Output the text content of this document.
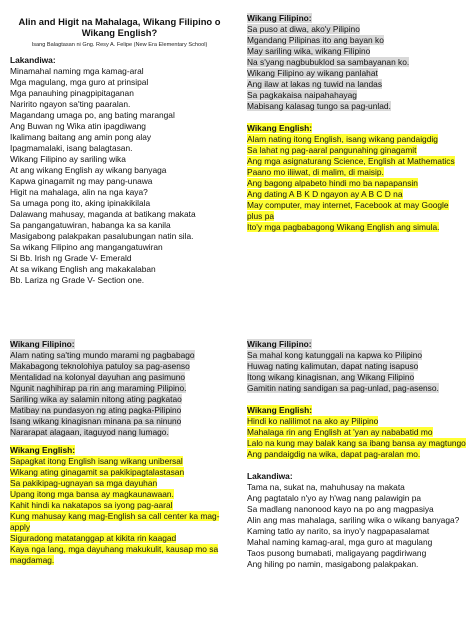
Alin and Higit na Mahalaga, Wikang Filipino o Wikang English?
Isang Balagtasan ni Gng. Resy A. Felipe (New Era Elementary School)
Lakandiwa:
Minamahal naming mga kamag-aral
Mga magulang, mga guro at prinsipal
Mga panauhing pinagpipitaganan
Naririto ngayon sa'ting paaralan.
Magandang umaga po, ang bating marangal
Ang Buwan ng Wika atin ipagdiwang
Ikalimang baitang ang amin pong alay
Ipagmamalaki, isang balagtasan.
Wikang Filipino ay sariling wika
At ang wikang English ay wikang banyaga
Kapwa ginagamit ng may pang-unawa
Higit na mahalaga, alin na nga kaya?
Sa umaga pong ito, aking ipinakikilala
Dalawang mahusay, maganda at batikang makata
Sa pangangatuwiran, habanga ka sa kanila
Masigabong palakpakan pasalubungan natin sila.
Sa wikang Filipino ang mangangatuwiran
Si Bb. Irish ng Grade V- Emerald
At sa wikang English ang makakalaban
Bb. Lariza ng Grade V- Section one.
Wikang Filipino:
Sa puso at diwa, ako'y Pilipino
Mgandang Pilipinas ito ang bayan ko
May sariling wika, wikang Filipino
Na s'yang nagbubuklod sa sambayanan ko.
Wikang Filipino ay wikang panlahat
Ang ilaw at lakas ng tuwid na landas
Sa pagkakaisa naipahahayag
Mabisang kalasag tungo sa pag-unlad.
Wikang English:
Alam nating itong English, isang wikang pandaigdig
Sa lahat ng pag-aaral pangunahing ginagamit
Ang mga asignaturang Science, English at Mathematics
Paano mo iliiwat, di malim, di maisip.
Ang bagong alpabeto hindi mo ba napapansin
Ang dating A B K D ngayon ay A B C D na
May computer, may internet, Facebook at may Google
plus pa
Ito'y mga pagbabagong Wikang English ang simula.
Wikang Filipino:
Alam nating sa'ting mundo marami ng pagbabago
Makabagong teknolohiya patuloy sa pag-asenso
Mentalidad na kolonyal dayuhan ang pasimuno
Ngunit naghihirap pa rin ang maraming Pilipino.
Sariling wika ay salamin nitong ating pagkatao
Matibay na pundasyon ng ating pagka-Pilipino
Isang wikang kinagisnan minana pa sa ninuno
Nararapat alagaan, itaguyod nang lumago.
Wikang English:
Sapagkat itong English isang wikang unibersal
Wikang ating ginagamit sa pakikipagtalastasan
Sa pakikipag-ugnayan sa mga dayuhan
Upang itong mga bansa ay magkaunawaan.
Kahit hindi ka nakatapos sa iyong pag-aaral
Kung mahusay kang mag-English sa call center ka mag-
apply
Siguradong matatanggap at kikita rin kaagad
Kaya nga lang, mga dayuhang makukulit, kausap mo sa
magdamag.
Wikang Filipino:
Sa mahal kong katunggali na kapwa ko Pilipino
Huwag nating kalimutan, dapat nating isapuso
Itong wikang kinagisnan, ang Wikang Filipino
Gamitin nating sandigan sa pag-unlad, pag-asenso.
Wikang English:
Hindi ko nalilimot na ako ay Pilipino
Mahalaga rin ang English at 'yan ay nababatid mo
Lalo na kung may balak kang sa ibang bansa ay magtungo
Ang pandaigdig na wika, dapat pag-aralan mo.
Lakandiwa:
Tama na, sukat na, mahuhusay na makata
Ang pagtatalo n'yo ay h'wag nang palawigin pa
Sa madlang nanonood kayo na po ang magpasiya
Alin ang mas mahalaga, sariling wika o wikang banyaga?
Kaming tatlo ay narito, sa inyo'y nagpapasalamat
Mahal naming kamag-aral, mga guro at magulang
Taos pusong bumabati, maligayang pagdiriwang
Ang hiling po namin, masigabong palakpakan.
